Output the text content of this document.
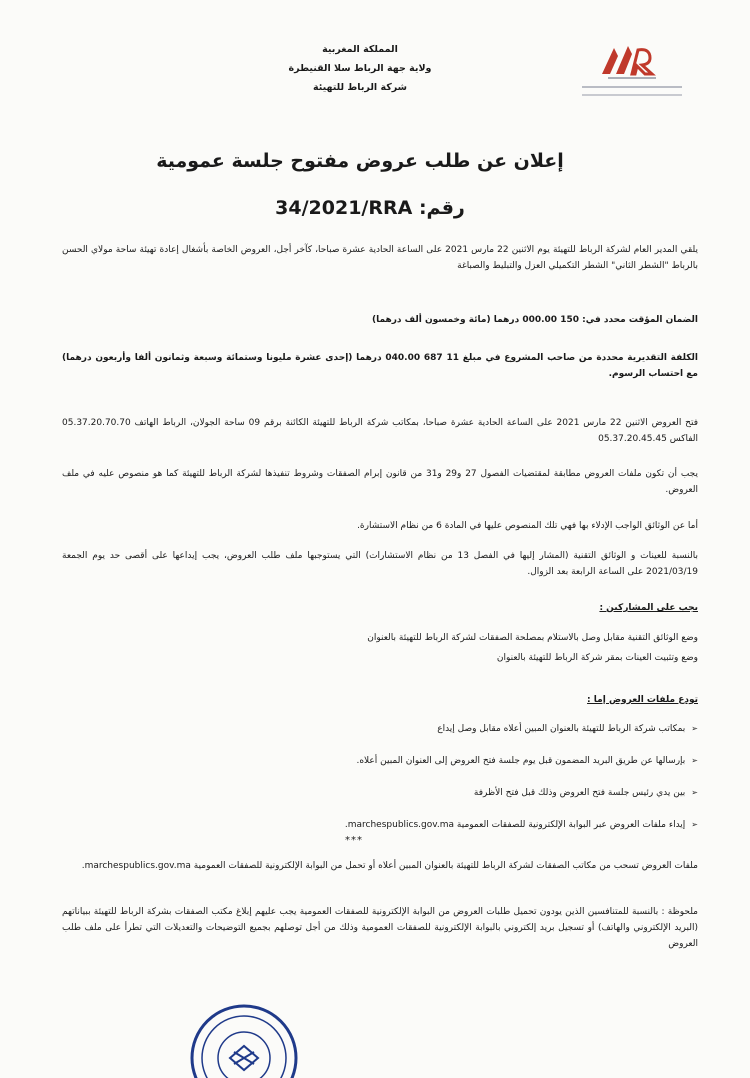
المملكة المغربية
ولاية جهة الرباط سلا القنيطرة
شركة الرباط للتهيئة
إعلان عن طلب عروض مفتوح جلسة عمومية
رقم: 34/2021/RRA
يلقي المدير العام لشركة الرباط للتهيئة يوم الاثنين 22 مارس 2021 على الساعة الحادية عشرة صباحا، كآخر أجل، العروض الخاصة بأشغال إعادة تهيئة ساحة مولاي الحسن بالرباط "الشطر الثاني" الشطر التكميلي العزل والتبليط والصباغة
الضمان المؤقت محدد في: 150 000.00 درهما (مائة وخمسون ألف درهما)
الكلفة التقديرية محددة من صاحب المشروع في مبلغ 11 687 040.00 درهما (إحدى عشرة مليونا وستمائة وسبعة وثمانون ألفا وأربعون درهما) مع احتساب الرسوم.
فتح العروض الاثنين 22 مارس 2021 على الساعة الحادية عشرة صباحا، بمكاتب شركة الرباط للتهيئة الكائنة برقم 09 ساحة الجولان، الرباط الهاتف 05.37.20.70.70 الفاكس 05.37.20.45.45
يجب أن تكون ملفات العروض مطابقة لمقتضيات الفصول 27 و29 و31 من قانون إبرام الصفقات وشروط تنفيذها لشركة الرباط للتهيئة كما هو منصوص عليه في ملف العروض.
أما عن الوثائق الواجب الإدلاء بها فهي تلك المنصوص عليها في المادة 6 من نظام الاستشارة.
بالنسبة للعينات و الوثائق التقنية (المشار إليها في الفصل 13 من نظام الاستشارات) التي يستوجبها ملف طلب العروض، يجب إيداعها على أقصى حد يوم الجمعة 2021/03/19 على الساعة الرابعة بعد الزوال.
يجب على المشاركين :
وضع الوثائق التقنية مقابل وصل بالاستلام بمصلحة الصفقات لشركة الرباط للتهيئة بالعنوان
وضع وتثبيت العينات بمقر شركة الرباط للتهيئة بالعنوان
تودع ملفات العروض إما :
➢بمكاتب شركة الرباط للتهيئة بالعنوان المبين أعلاه مقابل وصل إيداع
➢بإرسالها عن طريق البريد المضمون قبل يوم جلسة فتح العروض إلى العنوان المبين أعلاه.
➢بين يدي رئيس جلسة فتح العروض وذلك قبل فتح الأظرفة
➢إيداء ملفات العروض عبر البوابة الإلكترونية للصفقات العمومية marchespublics.gov.ma.
***
ملفات العروض تسحب من مكاتب الصفقات لشركة الرباط للتهيئة بالعنوان المبين أعلاه أو تحمل من البوابة الإلكترونية للصفقات العمومية marchespublics.gov.ma.
ملحوظة : بالنسبة للمتنافسين الذين يودون تحميل طلبات العروض من البوابة الإلكترونية للصفقات العمومية يجب عليهم إبلاغ مكتب الصفقات بشركة الرباط للتهيئة ببياناتهم (البريد الإلكتروني والهاتف) أو تسجيل بريد إلكتروني بالبوابة الإلكترونية للصفقات العمومية وذلك من أجل توصلهم بجميع التوضيحات والتعديلات التي تطرأ على ملف طلب العروض
